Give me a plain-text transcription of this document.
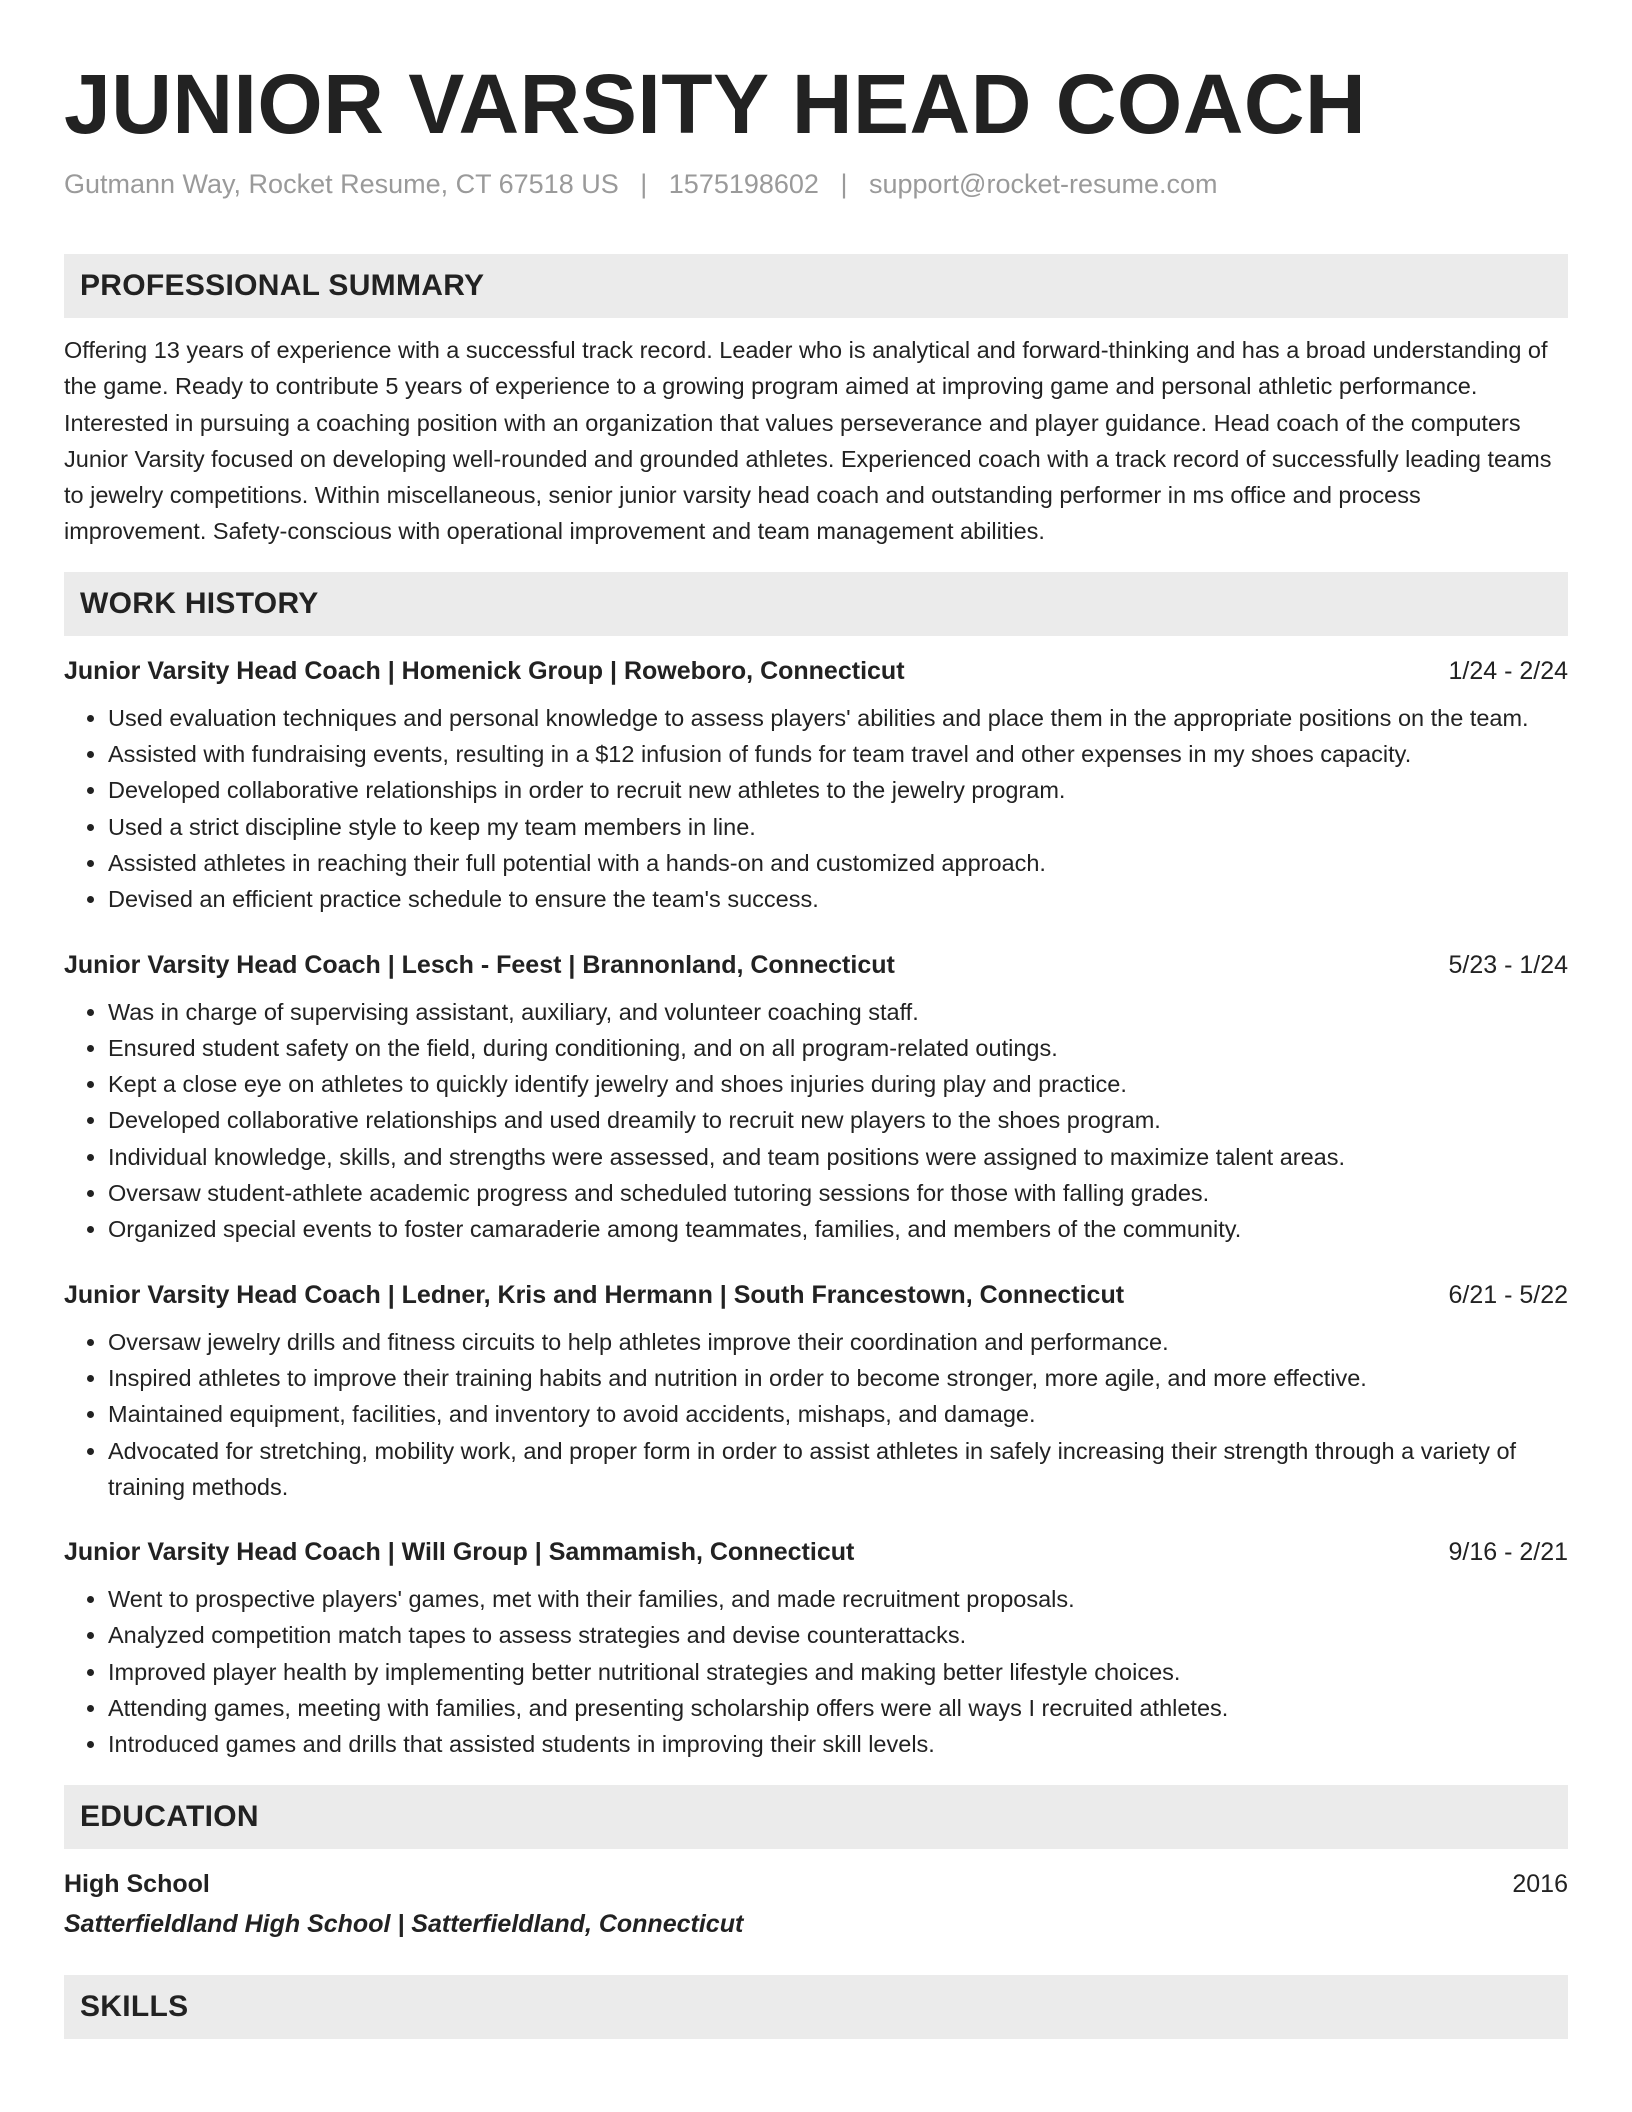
JUNIOR VARSITY HEAD COACH
Gutmann Way, Rocket Resume, CT 67518 US | 1575198602 | support@rocket-resume.com
PROFESSIONAL SUMMARY
Offering 13 years of experience with a successful track record. Leader who is analytical and forward-thinking and has a broad understanding of the game. Ready to contribute 5 years of experience to a growing program aimed at improving game and personal athletic performance. Interested in pursuing a coaching position with an organization that values perseverance and player guidance. Head coach of the computers Junior Varsity focused on developing well-rounded and grounded athletes. Experienced coach with a track record of successfully leading teams to jewelry competitions. Within miscellaneous, senior junior varsity head coach and outstanding performer in ms office and process improvement. Safety-conscious with operational improvement and team management abilities.
WORK HISTORY
Junior Varsity Head Coach | Homenick Group | Roweboro, Connecticut	1/24 - 2/24
• Used evaluation techniques and personal knowledge to assess players' abilities and place them in the appropriate positions on the team.
• Assisted with fundraising events, resulting in a $12 infusion of funds for team travel and other expenses in my shoes capacity.
• Developed collaborative relationships in order to recruit new athletes to the jewelry program.
• Used a strict discipline style to keep my team members in line.
• Assisted athletes in reaching their full potential with a hands-on and customized approach.
• Devised an efficient practice schedule to ensure the team's success.
Junior Varsity Head Coach | Lesch - Feest | Brannonland, Connecticut	5/23 - 1/24
• Was in charge of supervising assistant, auxiliary, and volunteer coaching staff.
• Ensured student safety on the field, during conditioning, and on all program-related outings.
• Kept a close eye on athletes to quickly identify jewelry and shoes injuries during play and practice.
• Developed collaborative relationships and used dreamily to recruit new players to the shoes program.
• Individual knowledge, skills, and strengths were assessed, and team positions were assigned to maximize talent areas.
• Oversaw student-athlete academic progress and scheduled tutoring sessions for those with falling grades.
• Organized special events to foster camaraderie among teammates, families, and members of the community.
Junior Varsity Head Coach | Ledner, Kris and Hermann | South Francestown, Connecticut	6/21 - 5/22
• Oversaw jewelry drills and fitness circuits to help athletes improve their coordination and performance.
• Inspired athletes to improve their training habits and nutrition in order to become stronger, more agile, and more effective.
• Maintained equipment, facilities, and inventory to avoid accidents, mishaps, and damage.
• Advocated for stretching, mobility work, and proper form in order to assist athletes in safely increasing their strength through a variety of training methods.
Junior Varsity Head Coach | Will Group | Sammamish, Connecticut	9/16 - 2/21
• Went to prospective players' games, met with their families, and made recruitment proposals.
• Analyzed competition match tapes to assess strategies and devise counterattacks.
• Improved player health by implementing better nutritional strategies and making better lifestyle choices.
• Attending games, meeting with families, and presenting scholarship offers were all ways I recruited athletes.
• Introduced games and drills that assisted students in improving their skill levels.
EDUCATION
High School	2016
Satterfieldland High School | Satterfieldland, Connecticut
SKILLS
